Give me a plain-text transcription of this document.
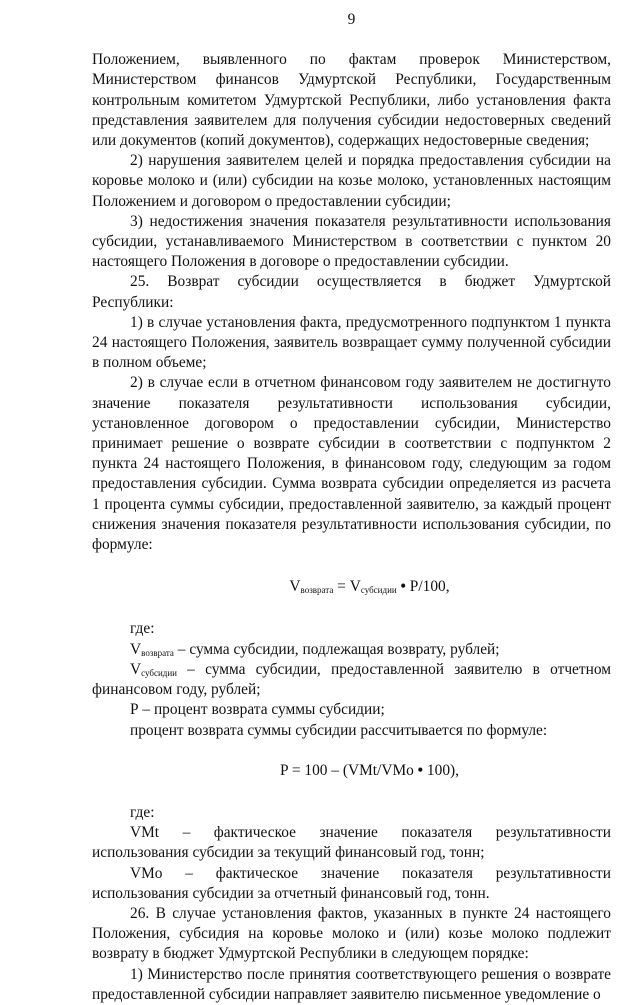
9

Положением, выявленного по фактам проверок Министерством, Министерством финансов Удмуртской Республики, Государственным контрольным комитетом Удмуртской Республики, либо установления факта представления заявителем для получения субсидии недостоверных сведений или документов (копий документов), содержащих недостоверные сведения;

2) нарушения заявителем целей и порядка предоставления субсидии на коровье молоко и (или) субсидии на козье молоко, установленных настоящим Положением и договором о предоставлении субсидии;

3) недостижения значения показателя результативности использования субсидии, устанавливаемого Министерством в соответствии с пунктом 20 настоящего Положения в договоре о предоставлении субсидии.

25. Возврат субсидии осуществляется в бюджет Удмуртской Республики:

1) в случае установления факта, предусмотренного подпунктом 1 пункта 24 настоящего Положения, заявитель возвращает сумму полученной субсидии в полном объеме;

2) в случае если в отчетном финансовом году заявителем не достигнуто значение показателя результативности использования субсидии, установленное договором о предоставлении субсидии, Министерство принимает решение о возврате субсидии в соответствии с подпунктом 2 пункта 24 настоящего Положения, в финансовом году, следующим за годом предоставления субсидии. Сумма возврата субсидии определяется из расчета 1 процента суммы субсидии, предоставленной заявителю, за каждый процент снижения значения показателя результативности использования субсидии, по формуле:

$V_{возврата} = V_{субсидии}$ • P/100,

где:

$V_{возврата}$ – сумма субсидии, подлежащая возврату, рублей;

$V_{субсидии}$ – сумма субсидии, предоставленной заявителю в отчетном финансовом году, рублей;

Р – процент возврата суммы субсидии;

процент возврата суммы субсидии рассчитывается по формуле:

P = 100 – (VMt/VMo • 100),

где:

VMt – фактическое значение показателя результативности использования субсидии за текущий финансовый год, тонн;

VMo – фактическое значение показателя результативности использования субсидии за отчетный финансовый год, тонн.

26. В случае установления фактов, указанных в пункте 24 настоящего Положения, субсидия на коровье молоко и (или) козье молоко подлежит возврату в бюджет Удмуртской Республики в следующем порядке:

1) Министерство после принятия соответствующего решения о возврате предоставленной субсидии направляет заявителю письменное уведомление о
